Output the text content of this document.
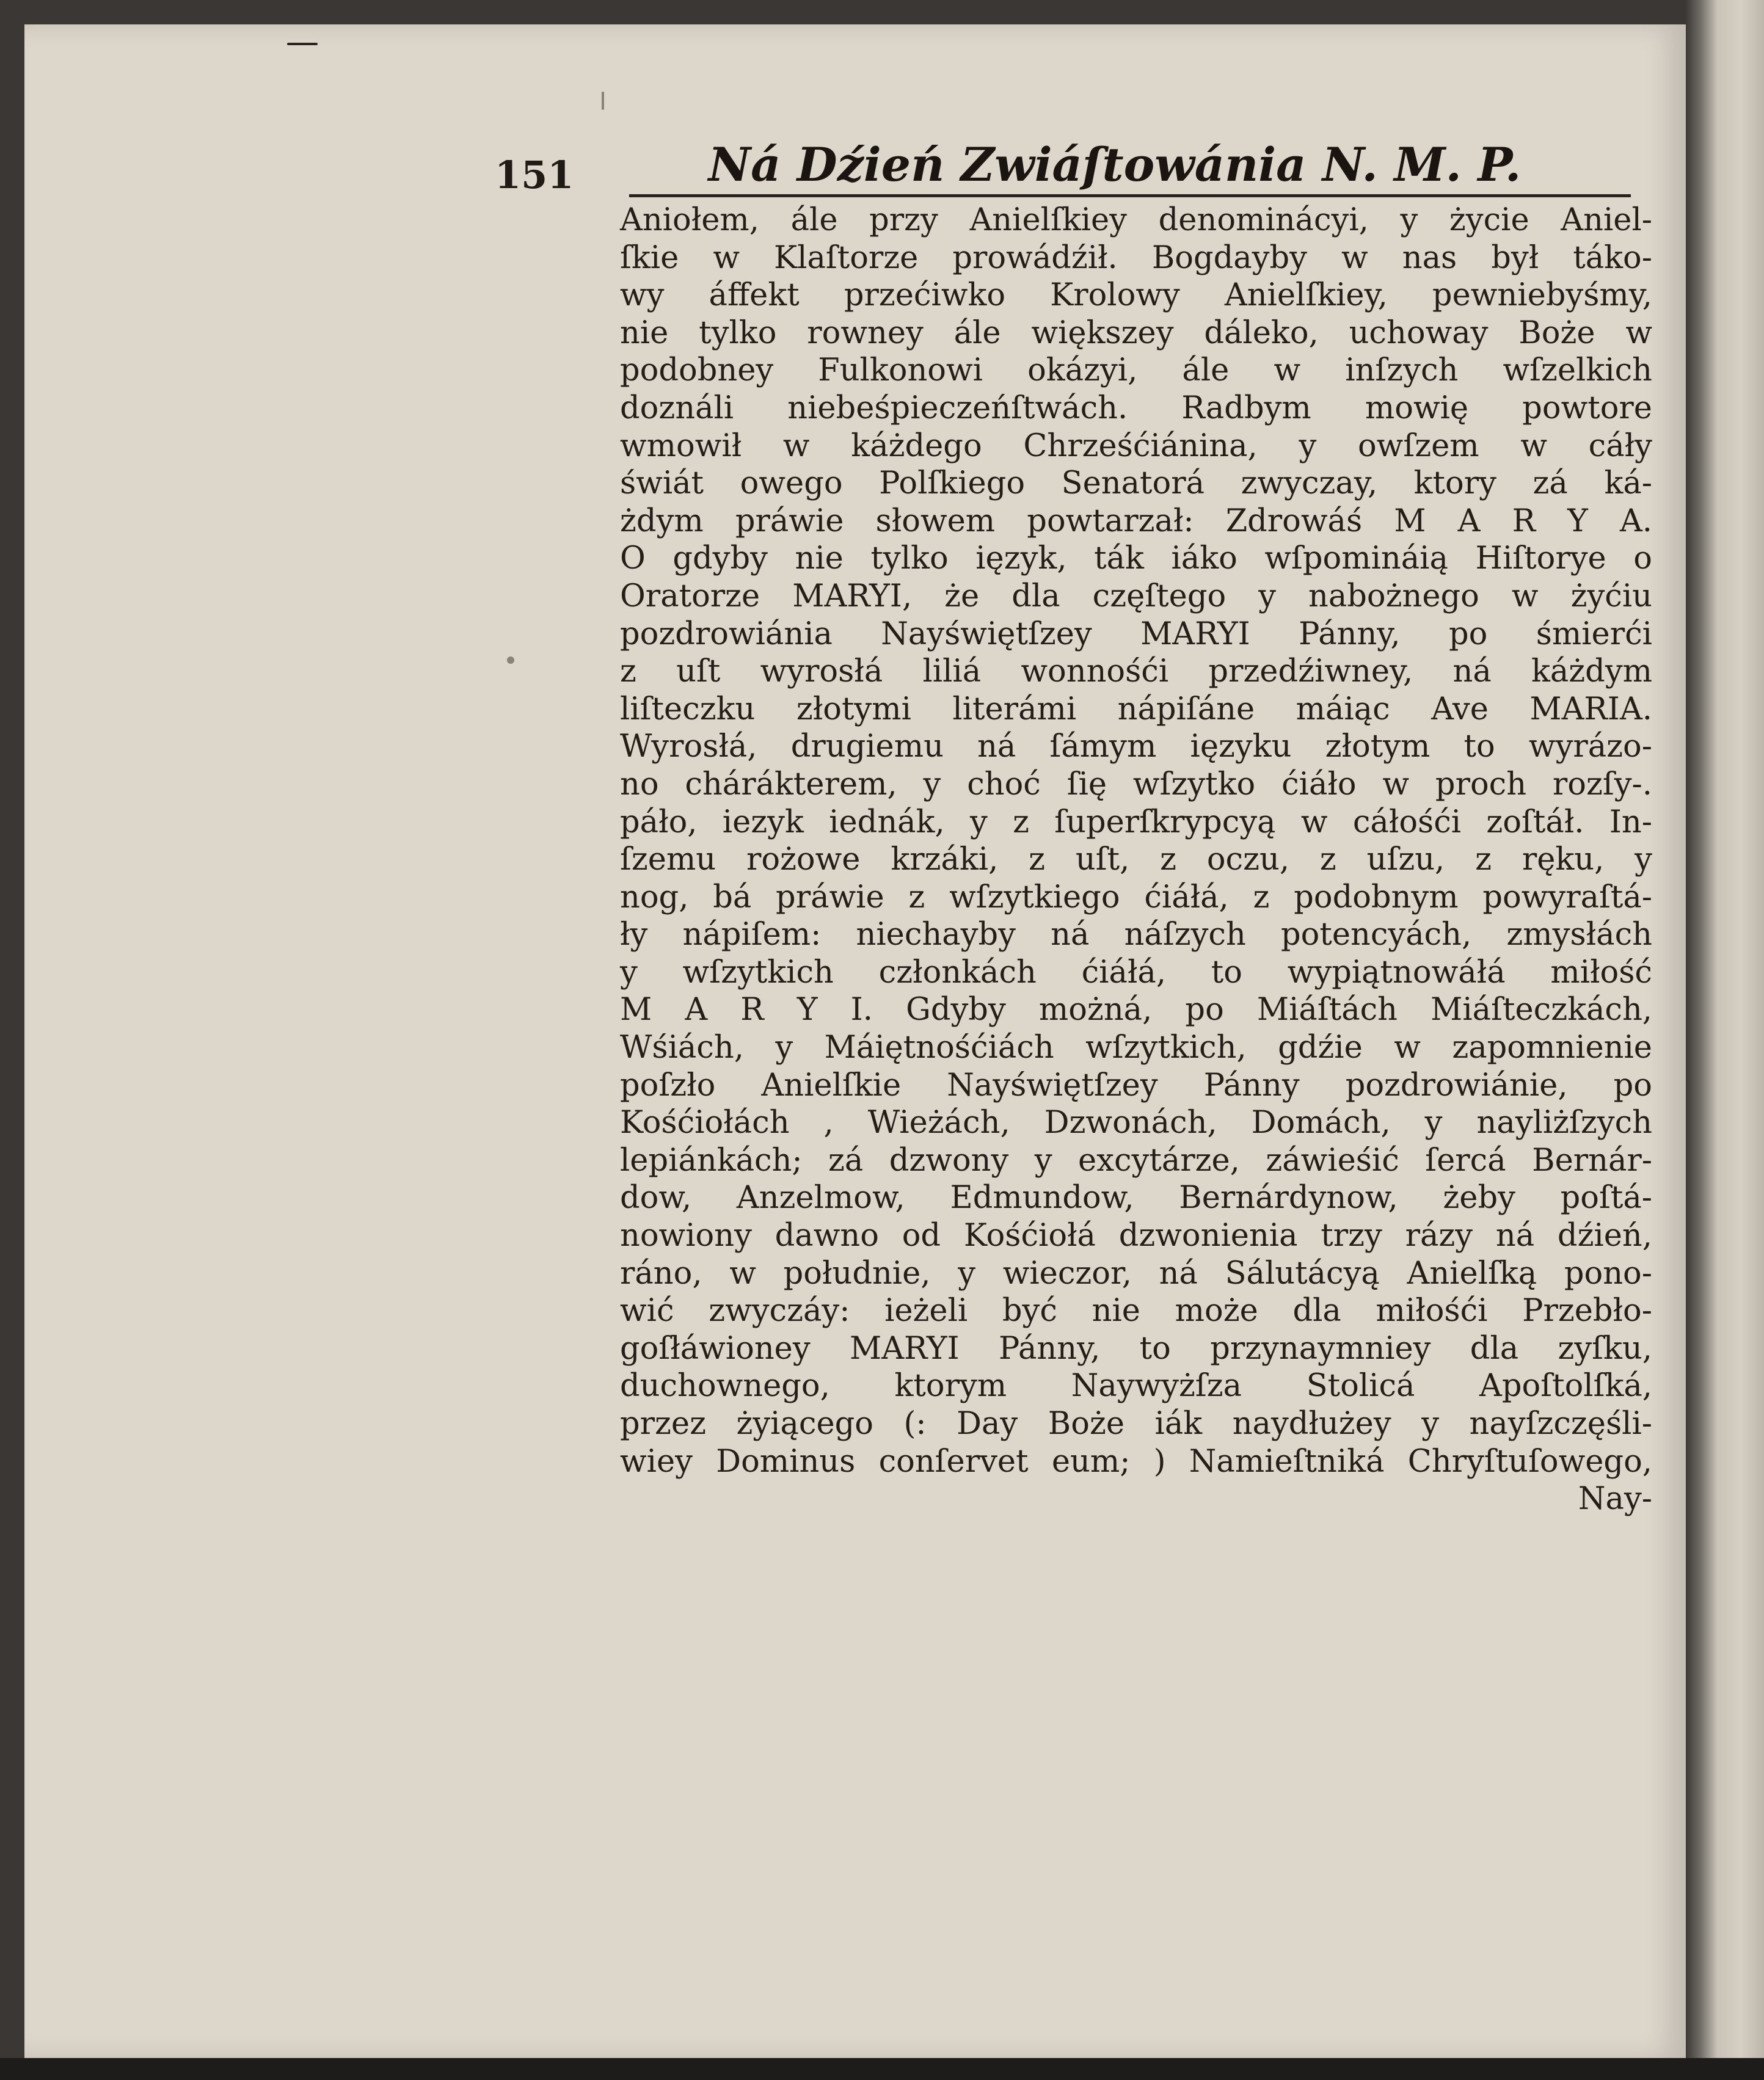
151	Ná Dźień Zwiáſtowánia N. M. P.
Aniołem, ále przy Anielſkiey denominácyi, y życie Aniel-
ſkie w Klaſtorze prowádźił. Bogdayby w nas był táko-
wy áffekt przećiwko Krolowy Anielſkiey, pewniebyśmy,
nie tylko rowney ále większey dáleko, uchoway Boże w
podobney Fulkonowi okázyi, ále w inſzych wſzelkich
doználi niebeśpieczeńſtwách. Radbym mowię powtore
wmowił w káżdego Chrześćiánina, y owſzem w cáły
świát owego Polſkiego Senatorá zwyczay, ktory zá ká-
żdym práwie słowem powtarzał: Zdrowáś M A R Y A.
O gdyby nie tylko ięzyk, ták iáko wſpomináią Hiſtorye o
Oratorze MARYI, że dla częſtego y nabożnego w żyćiu
pozdrowiánia Nayświętſzey MARYI Pánny, po śmierći
z uſt wyrosłá liliá wonnośći przedźiwney, ná káżdym
liſteczku złotymi literámi nápiſáne máiąc Ave MARIA.
Wyrosłá, drugiemu ná ſámym ięzyku złotym to wyrázo-
no chárákterem, y choć ſię wſzytko ćiáło w proch rozſy-.
páło, iezyk iednák, y z ſuperſkrypcyą w cáłośći zoſtáł. In-
ſzemu rożowe krzáki, z uſt, z oczu, z uſzu, z ręku, y
nog, bá práwie z wſzytkiego ćiáłá, z podobnym powyraſtá-
ły nápiſem: niechayby ná náſzych potencyách, zmysłách
y wſzytkich członkách ćiáłá, to wypiątnowáłá miłość
M A R Y I. Gdyby możná, po Miáſtách Miáſteczkách,
Wśiách, y Máiętnośćiách wſzytkich, gdźie w zapomnienie
poſzło Anielſkie Nayświętſzey Pánny pozdrowiánie, po
Kośćiołách , Wieżách, Dzwonách, Domách, y nayliżſzych
lepiánkách; zá dzwony y excytárze, záwieśić ſercá Bernár-
dow, Anzelmow, Edmundow, Bernárdynow, żeby poſtá-
nowiony dawno od Kośćiołá dzwonienia trzy rázy ná dźień,
ráno, w południe, y wieczor, ná Sálutácyą Anielſką pono-
wić zwyczáy: ieżeli być nie może dla miłośći Przebło-
goſłáwioney MARYI Pánny, to przynaymniey dla zyſku,
duchownego, ktorym Naywyżſza Stolicá Apoſtolſká,
przez żyiącego (: Day Boże iák naydłużey y nayſzczęśli-
wiey Dominus conſervet eum; ) Namieſtniká Chryſtuſowego,
Nay-
